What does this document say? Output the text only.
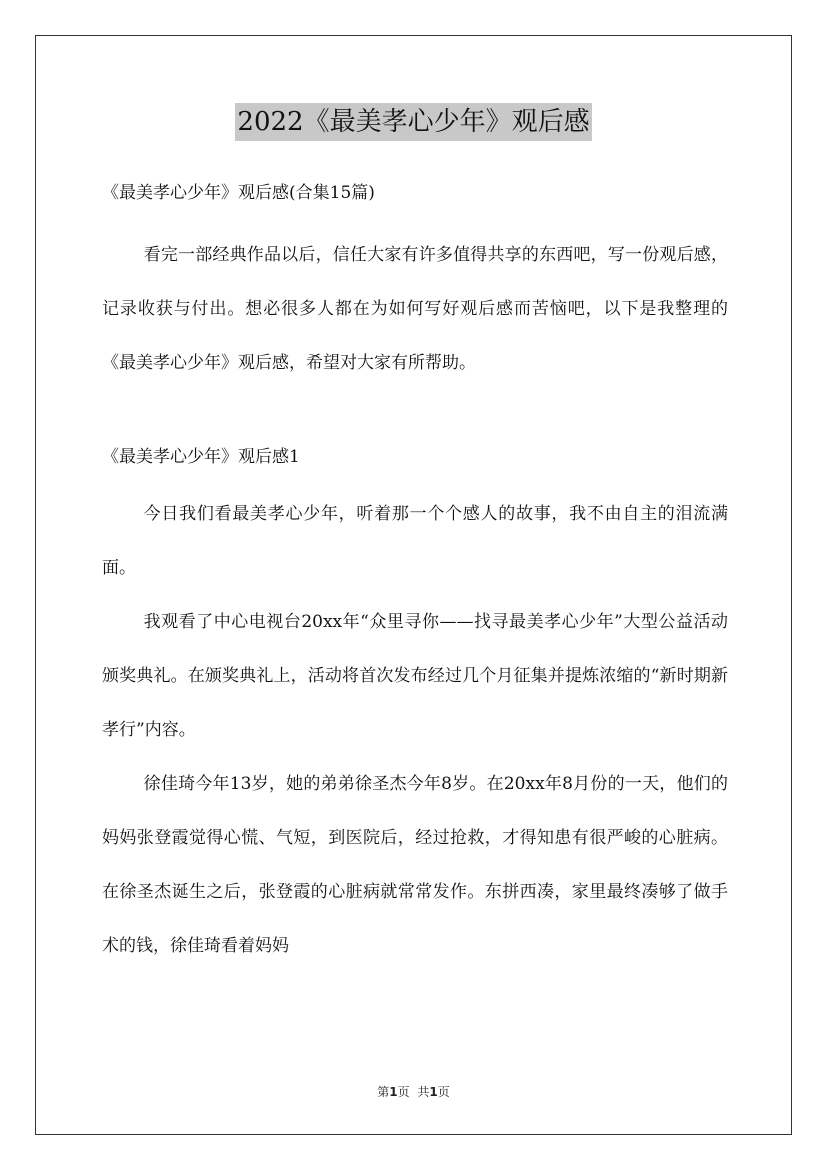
2022《最美孝心少年》观后感

《最美孝心少年》观后感(合集15篇)

看完一部经典作品以后，信任大家有许多值得共享的东西吧，写一份观后感，记录收获与付出。想必很多人都在为如何写好观后感而苦恼吧，以下是我整理的《最美孝心少年》观后感，希望对大家有所帮助。

《最美孝心少年》观后感1

今日我们看最美孝心少年，听着那一个个感人的故事，我不由自主的泪流满面。

我观看了中心电视台20xx年“众里寻你——找寻最美孝心少年”大型公益活动颁奖典礼。在颁奖典礼上，活动将首次发布经过几个月征集并提炼浓缩的“新时期新孝行”内容。

徐佳琦今年13岁，她的弟弟徐圣杰今年8岁。在20xx年8月份的一天，他们的妈妈张登霞觉得心慌、气短，到医院后，经过抢救，才得知患有很严峻的心脏病。在徐圣杰诞生之后，张登霞的心脏病就常常发作。东拼西凑，家里最终凑够了做手术的钱，徐佳琦看着妈妈

第1页 共1页
